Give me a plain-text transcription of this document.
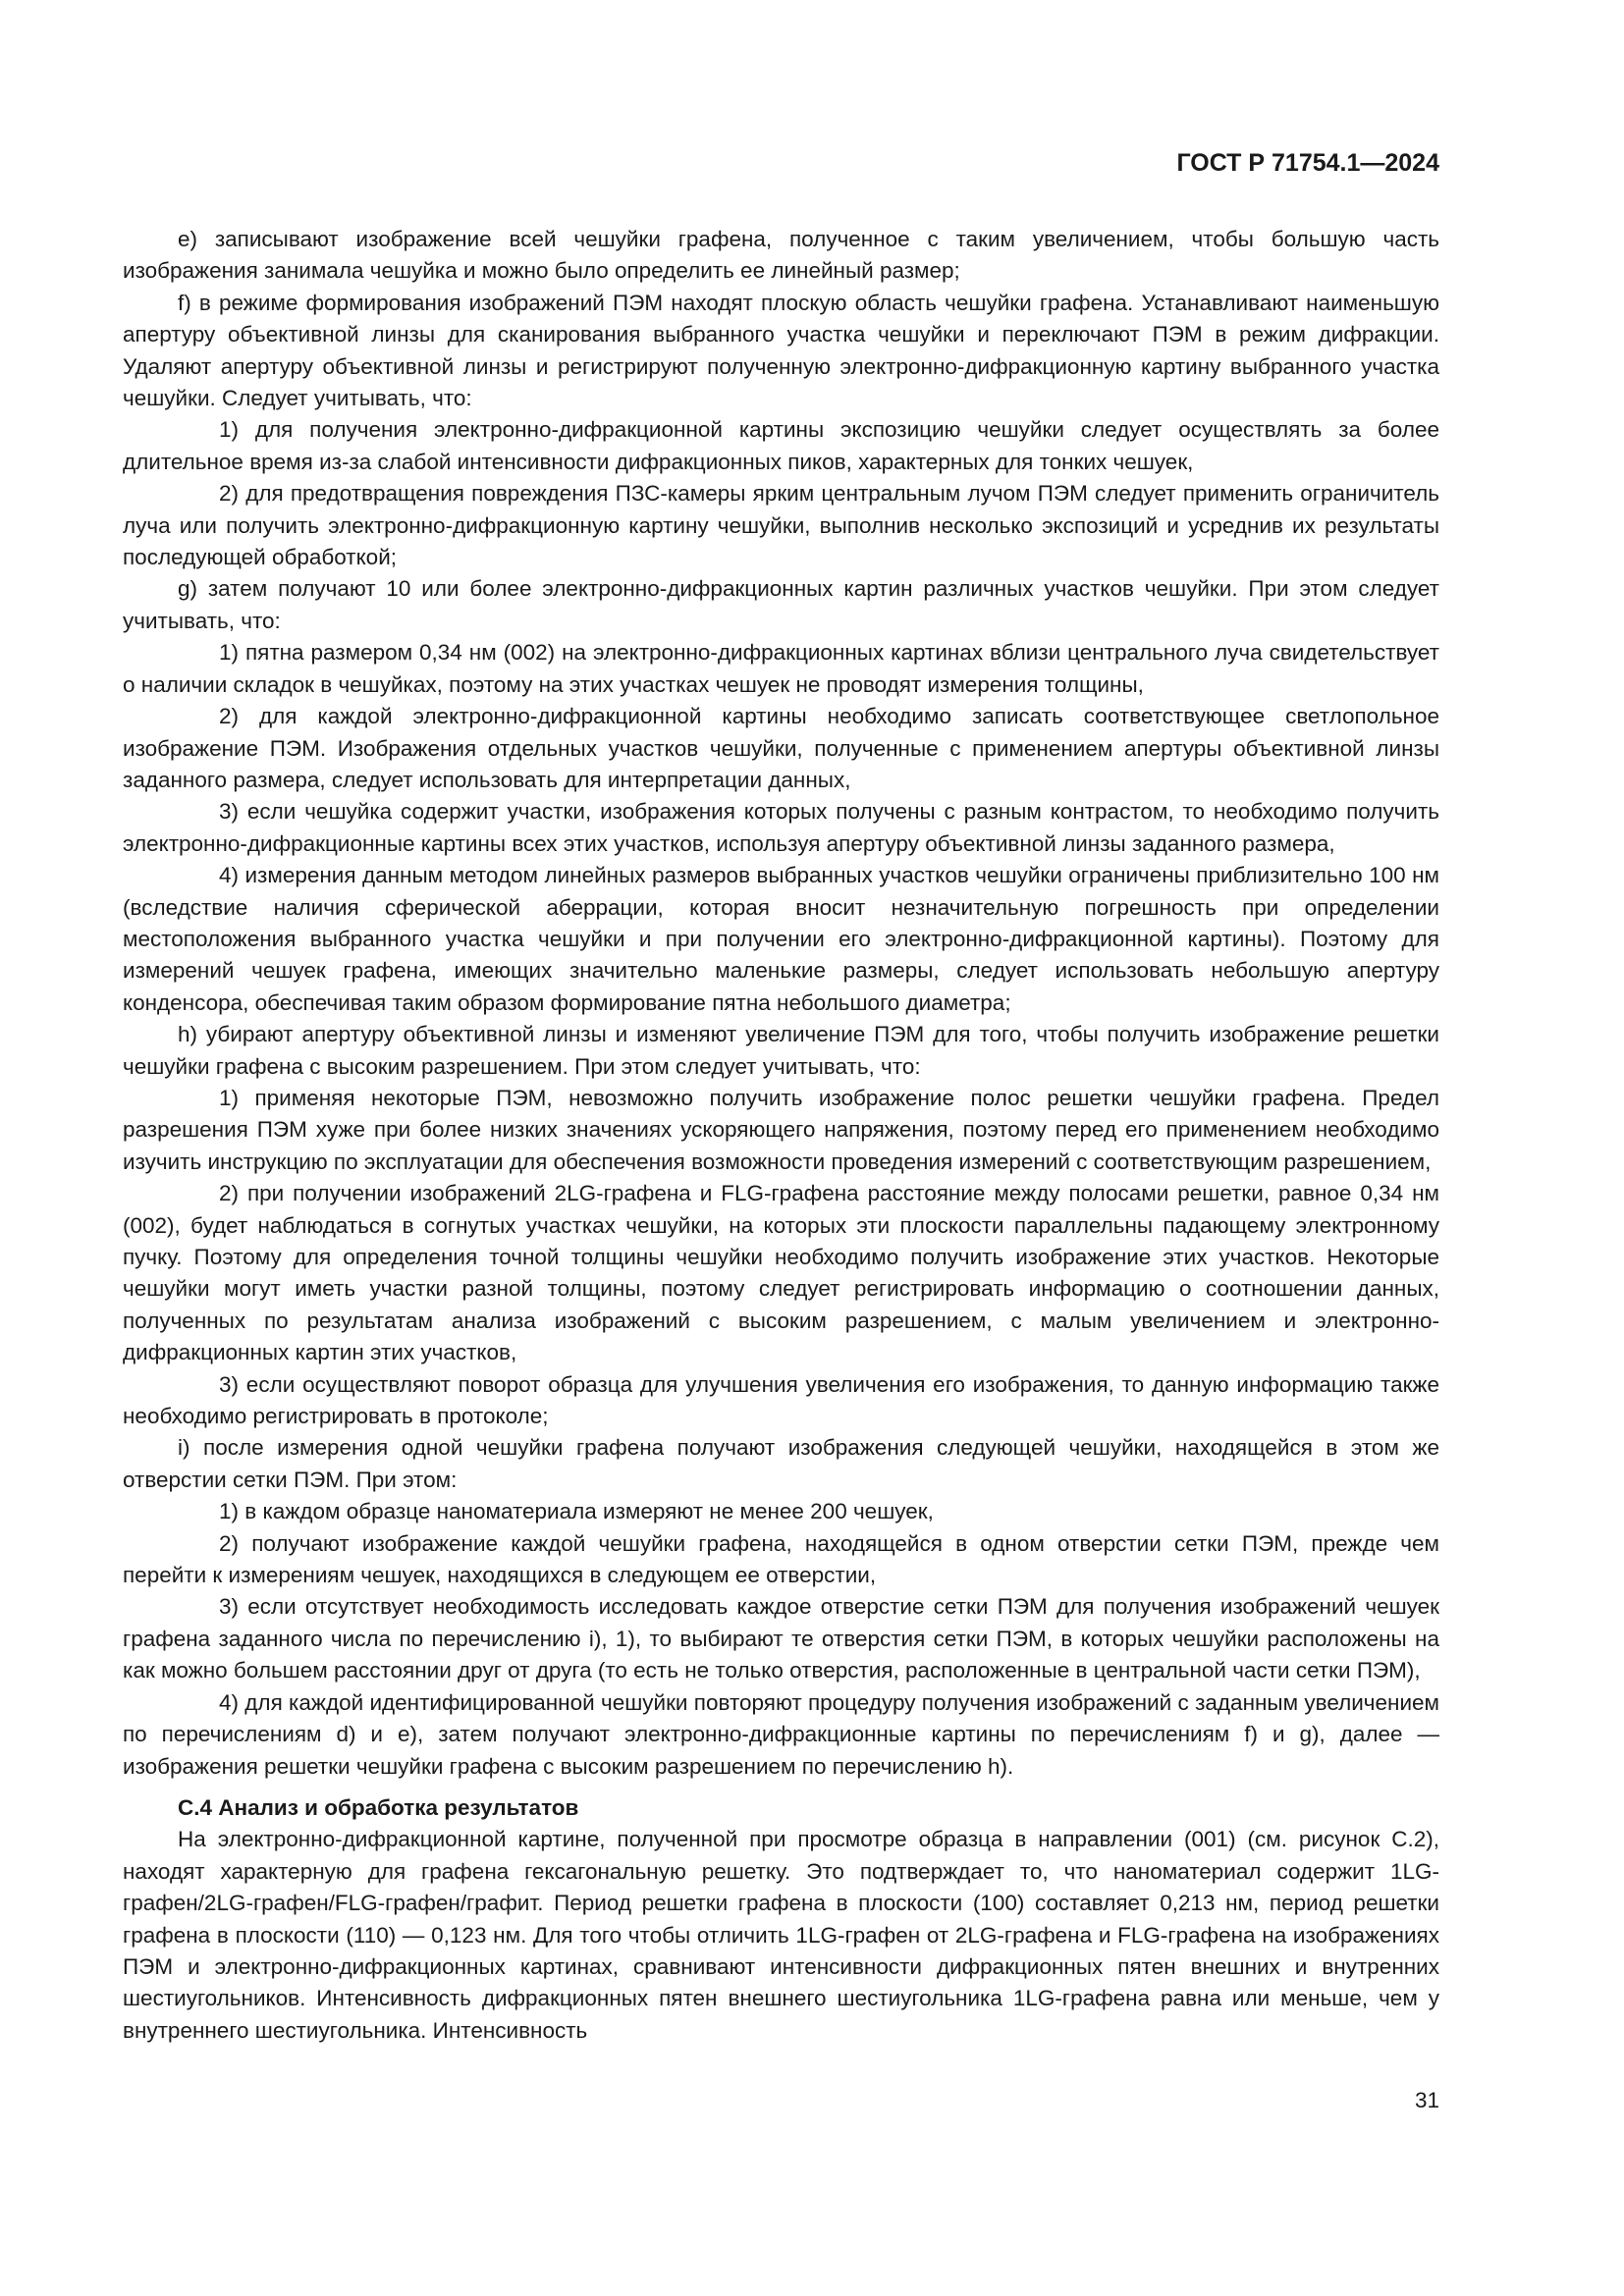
ГОСТ Р 71754.1—2024

е) записывают изображение всей чешуйки графена, полученное с таким увеличением, чтобы большую часть изображения занимала чешуйка и можно было определить ее линейный размер;

f) в режиме формирования изображений ПЭМ находят плоскую область чешуйки графена. Устанавливают наименьшую апертуру объективной линзы для сканирования выбранного участка чешуйки и переключают ПЭМ в режим дифракции. Удаляют апертуру объективной линзы и регистрируют полученную электронно-дифракционную картину выбранного участка чешуйки. Следует учитывать, что:

1) для получения электронно-дифракционной картины экспозицию чешуйки следует осуществлять за более длительное время из-за слабой интенсивности дифракционных пиков, характерных для тонких чешуек,

2) для предотвращения повреждения ПЗС-камеры ярким центральным лучом ПЭМ следует применить ограничитель луча или получить электронно-дифракционную картину чешуйки, выполнив несколько экспозиций и усреднив их результаты последующей обработкой;

g) затем получают 10 или более электронно-дифракционных картин различных участков чешуйки. При этом следует учитывать, что:

1) пятна размером 0,34 нм (002) на электронно-дифракционных картинах вблизи центрального луча свидетельствует о наличии складок в чешуйках, поэтому на этих участках чешуек не проводят измерения толщины,

2) для каждой электронно-дифракционной картины необходимо записать соответствующее светлопольное изображение ПЭМ. Изображения отдельных участков чешуйки, полученные с применением апертуры объективной линзы заданного размера, следует использовать для интерпретации данных,

3) если чешуйка содержит участки, изображения которых получены с разным контрастом, то необходимо получить электронно-дифракционные картины всех этих участков, используя апертуру объективной линзы заданного размера,

4) измерения данным методом линейных размеров выбранных участков чешуйки ограничены приблизительно 100 нм (вследствие наличия сферической аберрации, которая вносит незначительную погрешность при определении местоположения выбранного участка чешуйки и при получении его электронно-дифракционной картины). Поэтому для измерений чешуек графена, имеющих значительно маленькие размеры, следует использовать небольшую апертуру конденсора, обеспечивая таким образом формирование пятна небольшого диаметра;

h) убирают апертуру объективной линзы и изменяют увеличение ПЭМ для того, чтобы получить изображение решетки чешуйки графена с высоким разрешением. При этом следует учитывать, что:

1) применяя некоторые ПЭМ, невозможно получить изображение полос решетки чешуйки графена. Предел разрешения ПЭМ хуже при более низких значениях ускоряющего напряжения, поэтому перед его применением необходимо изучить инструкцию по эксплуатации для обеспечения возможности проведения измерений с соответствующим разрешением,

2) при получении изображений 2LG-графена и FLG-графена расстояние между полосами решетки, равное 0,34 нм (002), будет наблюдаться в согнутых участках чешуйки, на которых эти плоскости параллельны падающему электронному пучку. Поэтому для определения точной толщины чешуйки необходимо получить изображение этих участков. Некоторые чешуйки могут иметь участки разной толщины, поэтому следует регистрировать информацию о соотношении данных, полученных по результатам анализа изображений с высоким разрешением, с малым увеличением и электронно-дифракционных картин этих участков,

3) если осуществляют поворот образца для улучшения увеличения его изображения, то данную информацию также необходимо регистрировать в протоколе;

i) после измерения одной чешуйки графена получают изображения следующей чешуйки, находящейся в этом же отверстии сетки ПЭМ. При этом:

1) в каждом образце наноматериала измеряют не менее 200 чешуек,

2) получают изображение каждой чешуйки графена, находящейся в одном отверстии сетки ПЭМ, прежде чем перейти к измерениям чешуек, находящихся в следующем ее отверстии,

3) если отсутствует необходимость исследовать каждое отверстие сетки ПЭМ для получения изображений чешуек графена заданного числа по перечислению i), 1), то выбирают те отверстия сетки ПЭМ, в которых чешуйки расположены на как можно большем расстоянии друг от друга (то есть не только отверстия, расположенные в центральной части сетки ПЭМ),

4) для каждой идентифицированной чешуйки повторяют процедуру получения изображений с заданным увеличением по перечислениям d) и е), затем получают электронно-дифракционные картины по перечислениям f) и g), далее — изображения решетки чешуйки графена с высоким разрешением по перечислению h).

С.4 Анализ и обработка результатов

На электронно-дифракционной картине, полученной при просмотре образца в направлении (001) (см. рисунок С.2), находят характерную для графена гексагональную решетку. Это подтверждает то, что наноматериал содержит 1LG-графен/2LG-графен/FLG-графен/графит. Период решетки графена в плоскости (100) составляет 0,213 нм, период решетки графена в плоскости (110) — 0,123 нм. Для того чтобы отличить 1LG-графен от 2LG-графена и FLG-графена на изображениях ПЭМ и электронно-дифракционных картинах, сравнивают интенсивности дифракционных пятен внешних и внутренних шестиугольников. Интенсивность дифракционных пятен внешнего шестиугольника 1LG-графена равна или меньше, чем у внутреннего шестиугольника. Интенсивность

31
